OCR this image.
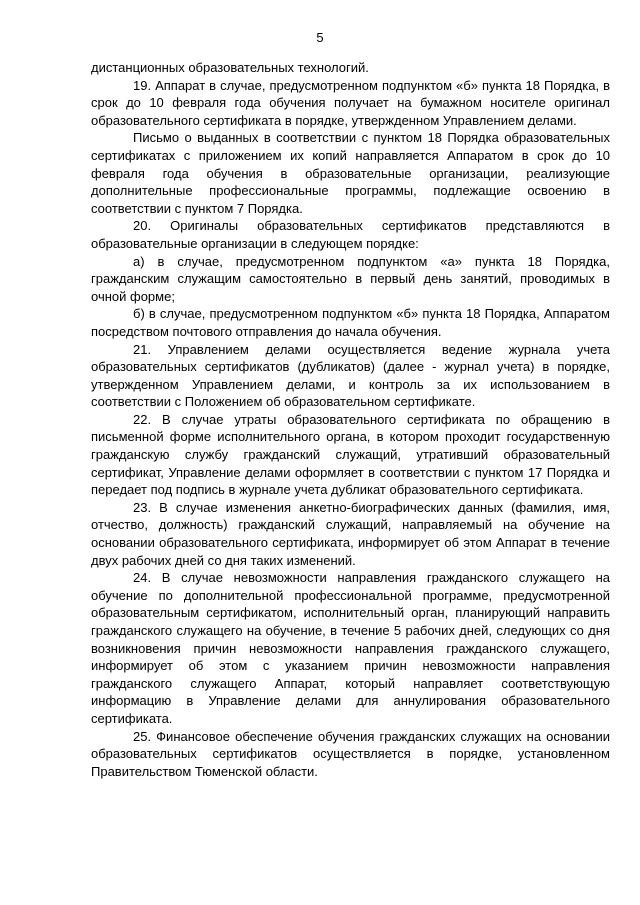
5

дистанционных образовательных технологий.

19. Аппарат в случае, предусмотренном подпунктом «б» пункта 18 Порядка, в срок до 10 февраля года обучения получает на бумажном носителе оригинал образовательного сертификата в порядке, утвержденном Управлением делами.

Письмо о выданных в соответствии с пунктом 18 Порядка образовательных сертификатах с приложением их копий направляется Аппаратом в срок до 10 февраля года обучения в образовательные организации, реализующие дополнительные профессиональные программы, подлежащие освоению в соответствии с пунктом 7 Порядка.

20. Оригиналы образовательных сертификатов представляются в образовательные организации в следующем порядке:

а) в случае, предусмотренном подпунктом «а» пункта 18 Порядка, гражданским служащим самостоятельно в первый день занятий, проводимых в очной форме;

б) в случае, предусмотренном подпунктом «б» пункта 18 Порядка, Аппаратом посредством почтового отправления до начала обучения.

21. Управлением делами осуществляется ведение журнала учета образовательных сертификатов (дубликатов) (далее - журнал учета) в порядке, утвержденном Управлением делами, и контроль за их использованием в соответствии с Положением об образовательном сертификате.

22. В случае утраты образовательного сертификата по обращению в письменной форме исполнительного органа, в котором проходит государственную гражданскую службу гражданский служащий, утративший образовательный сертификат, Управление делами оформляет в соответствии с пунктом 17 Порядка и передает под подпись в журнале учета дубликат образовательного сертификата.

23. В случае изменения анкетно-биографических данных (фамилия, имя, отчество, должность) гражданский служащий, направляемый на обучение на основании образовательного сертификата, информирует об этом Аппарат в течение двух рабочих дней со дня таких изменений.

24. В случае невозможности направления гражданского служащего на обучение по дополнительной профессиональной программе, предусмотренной образовательным сертификатом, исполнительный орган, планирующий направить гражданского служащего на обучение, в течение 5 рабочих дней, следующих со дня возникновения причин невозможности направления гражданского служащего, информирует об этом с указанием причин невозможности направления гражданского служащего Аппарат, который направляет соответствующую информацию в Управление делами для аннулирования образовательного сертификата.

25. Финансовое обеспечение обучения гражданских служащих на основании образовательных сертификатов осуществляется в порядке, установленном Правительством Тюменской области.
